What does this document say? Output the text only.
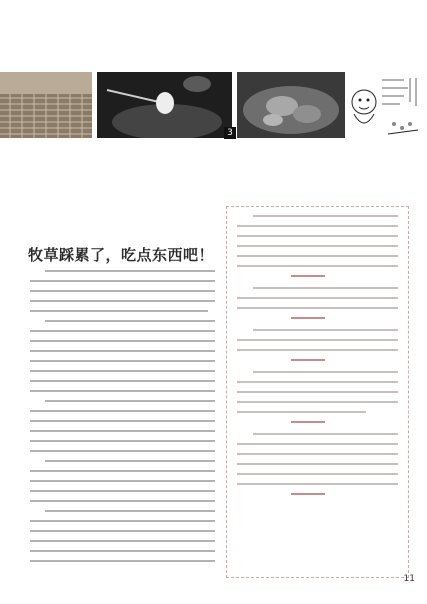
3
牧草踩累了，吃点东西吧！
11
